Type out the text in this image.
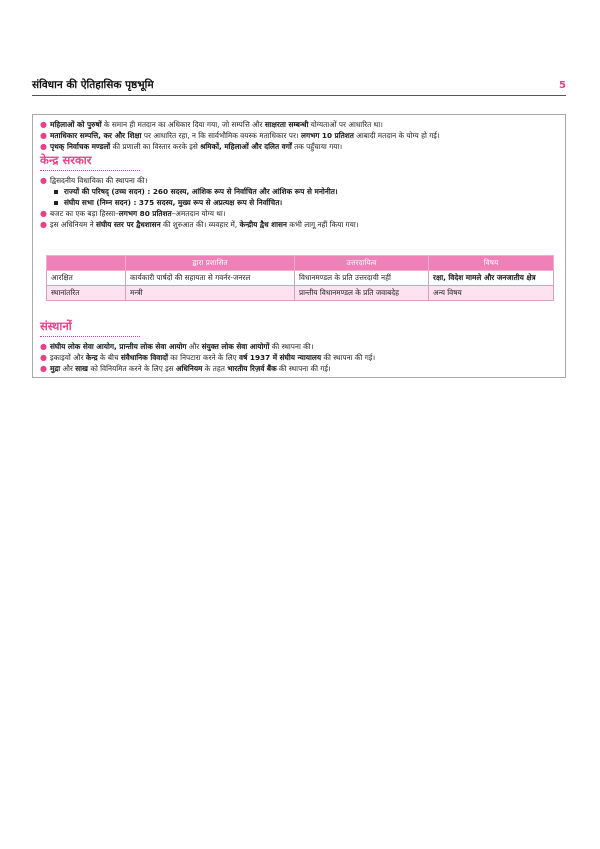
संविधान की ऐतिहासिक पृष्ठभूमि	5
● महिलाओं को पुरुषों के समान ही मतदान का अधिकार दिया गया, जो सम्पत्ति और साक्षरता सम्बन्धी योग्यताओं पर आधारित था।
● मताधिकार सम्पत्ति, कर और शिक्षा पर आधारित रहा, न कि सार्वभौमिक वयस्क मताधिकार पर। लगभग 10 प्रतिशत आबादी मतदान के योग्य हो गई।
● पृथक् निर्वाचक मण्डलों की प्रणाली का विस्तार करके इसे श्रमिकों, महिलाओं और दलित वर्गों तक पहुँचाया गया।
केन्द्र सरकार
● द्विसदनीय विधायिका की स्थापना की।
राज्यों की परिषद् (उच्च सदन) : 260 सदस्य, आंशिक रूप से निर्वाचित और आंशिक रूप से मनोनीत।
संघीय सभा (निम्न सदन) : 375 सदस्य, मुख्य रूप से अप्रत्यक्ष रूप से निर्वाचित।
● बजट का एक बड़ा हिस्सा–लगभग 80 प्रतिशत–अमतदान योग्य था।
● इस अधिनियम ने संघीय स्तर पर द्वैधशासन की शुरुआत की। व्यवहार में, केन्द्रीय द्वैध शासन कभी लागू नहीं किया गया।
	द्वारा प्रशासित	उत्तरदायित्व	विषय
आरक्षित	कार्यकारी पार्षदों की सहायता से गवर्नर-जनरल	विधानमण्डल के प्रति उत्तरदायी नहीं	रक्षा, विदेश मामले और जनजातीय क्षेत्र
स्थानांतरित	मन्त्री	प्रान्तीय विधानमण्डल के प्रति जवाबदेह	अन्य विषय
संस्थानों
● संघीय लोक सेवा आयोग, प्रान्तीय लोक सेवा आयोग और संयुक्त लोक सेवा आयोगों की स्थापना की।
● इकाइयों और केन्द्र के बीच संवैधानिक विवादों का निपटारा करने के लिए वर्ष 1937 में संघीय न्यायालय की स्थापना की गई।
● मुद्रा और साख को विनियमित करने के लिए इस अधिनियम के तहत भारतीय रिज़र्व बैंक की स्थापना की गई।
